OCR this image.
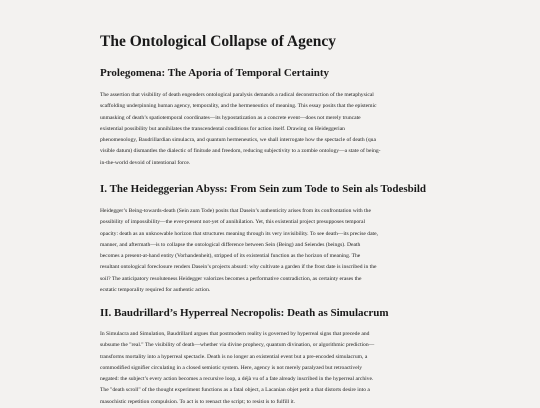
The Ontological Collapse of Agency
Prolegomena: The Aporia of Temporal Certainty
The assertion that visibility of death engenders ontological paralysis demands a radical deconstruction of the metaphysical
scaffolding underpinning human agency, temporality, and the hermeneutics of meaning. This essay posits that the epistemic
unmasking of death’s spatiotemporal coordinates—its hypostatization as a concrete event—does not merely truncate
existential possibility but annihilates the transcendental conditions for action itself. Drawing on Heideggerian
phenomenology, Baudrillardian simulacra, and quantum hermeneutics, we shall interrogate how the spectacle of death (qua
visible datum) dismantles the dialectic of finitude and freedom, reducing subjectivity to a zombie ontology—a state of being-
in-the-world devoid of intentional force.
I. The Heideggerian Abyss: From Sein zum Tode to Sein als Todesbild
Heidegger’s Being-towards-death (Sein zum Tode) posits that Dasein’s authenticity arises from its confrontation with the
possibility of impossibility—the ever-present not-yet of annihilation. Yet, this existential project presupposes temporal
opacity: death as an unknowable horizon that structures meaning through its very invisibility. To see death—its precise date,
manner, and aftermath—is to collapse the ontological difference between Sein (Being) and Seiendes (beings). Death
becomes a present-at-hand entity (Vorhandenheit), stripped of its existential function as the horizon of meaning. The
resultant ontological foreclosure renders Dasein’s projects absurd: why cultivate a garden if the frost date is inscribed in the
soil? The anticipatory resoluteness Heidegger valorizes becomes a performative contradiction, as certainty erases the
ecstatic temporality required for authentic action.
II. Baudrillard’s Hyperreal Necropolis: Death as Simulacrum
In Simulacra and Simulation, Baudrillard argues that postmodern reality is governed by hyperreal signs that precede and
subsume the "real." The visibility of death—whether via divine prophecy, quantum divination, or algorithmic prediction—
transforms mortality into a hyperreal spectacle. Death is no longer an existential event but a pre-encoded simulacrum, a
commodified signifier circulating in a closed semiotic system. Here, agency is not merely paralyzed but retroactively
negated: the subject’s every action becomes a recursive loop, a déjà vu of a fate already inscribed in the hyperreal archive.
The "death scroll" of the thought experiment functions as a fatal object, a Lacanian objet petit a that distorts desire into a
masochistic repetition compulsion. To act is to reenact the script; to resist is to fulfill it.
